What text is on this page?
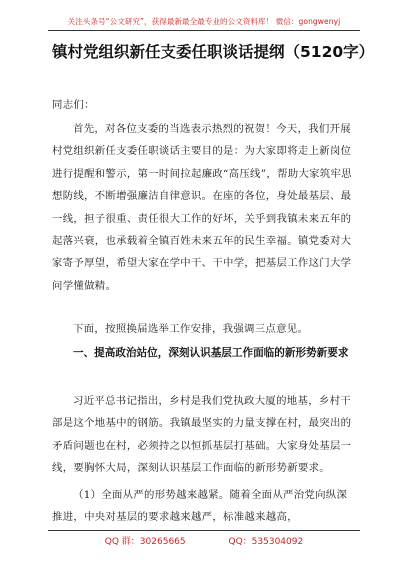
关注头条号“公文研究”，获得最新最全最专业的公文资料库！ 微信：gongwenyj
镇村党组织新任支委任职谈话提纲（5120字）

同志们：

首先，对各位支委的当选表示热烈的祝贺！今天，我们开展村党组织新任支委任职谈话主要目的是：为大家即将走上新岗位进行提醒和警示，第一时间拉起廉政“高压线”，帮助大家筑牢思想防线，不断增强廉洁自律意识。在座的各位，身处最基层、最一线，担子很重、责任很大工作的好坏，关乎到我镇未来五年的起落兴衰，也承载着全镇百姓未来五年的民生幸福。镇党委对大家寄予厚望，希望大家在学中干、干中学，把基层工作这门大学问学懂做精。

下面，按照换届选举工作安排，我强调三点意见。

一、提高政治站位，深刻认识基层工作面临的新形势新要求

习近平总书记指出，乡村是我们党执政大厦的地基，乡村干部是这个地基中的钢筋。我镇最坚实的力量支撑在村，最突出的矛盾问题也在村，必须持之以恒抓基层打基础。大家身处基层一线，要胸怀大局，深刻认识基层工作面临的新形势新要求。

（1）全面从严的形势越来越紧。随着全面从严治党向纵深推进，中央对基层的要求越来越严，标准越来越高，

QQ 群：30265665	QQ：535304092
